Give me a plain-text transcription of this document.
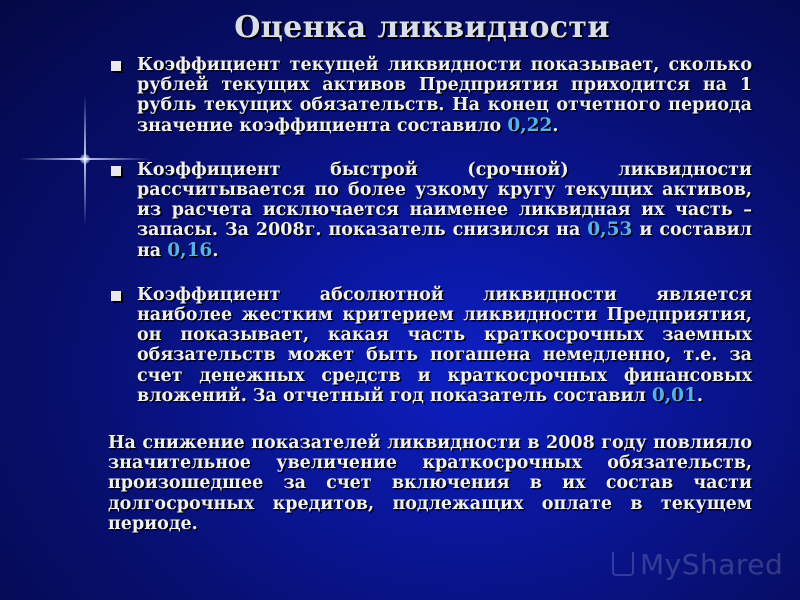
Оценка ликвидности

Коэффициент текущей ликвидности показывает, сколько рублей текущих активов Предприятия приходится на 1 рубль текущих обязательств. На конец отчетного периода значение коэффициента составило 0,22.

Коэффициент быстрой (срочной) ликвидности рассчитывается по более узкому кругу текущих активов, из расчета исключается наименее ликвидная их часть – запасы. За 2008г. показатель снизился на 0,53 и составил на 0,16.

Коэффициент абсолютной ликвидности является наиболее жестким критерием ликвидности Предприятия, он показывает, какая часть краткосрочных заемных обязательств может быть погашена немедленно, т.е. за счет денежных средств и краткосрочных финансовых вложений. За отчетный год показатель составил 0,01.

На снижение показателей ликвидности в 2008 году повлияло значительное увеличение краткосрочных обязательств, произошедшее за счет включения в их состав части долгосрочных кредитов, подлежащих оплате в текущем периоде.

MyShared
